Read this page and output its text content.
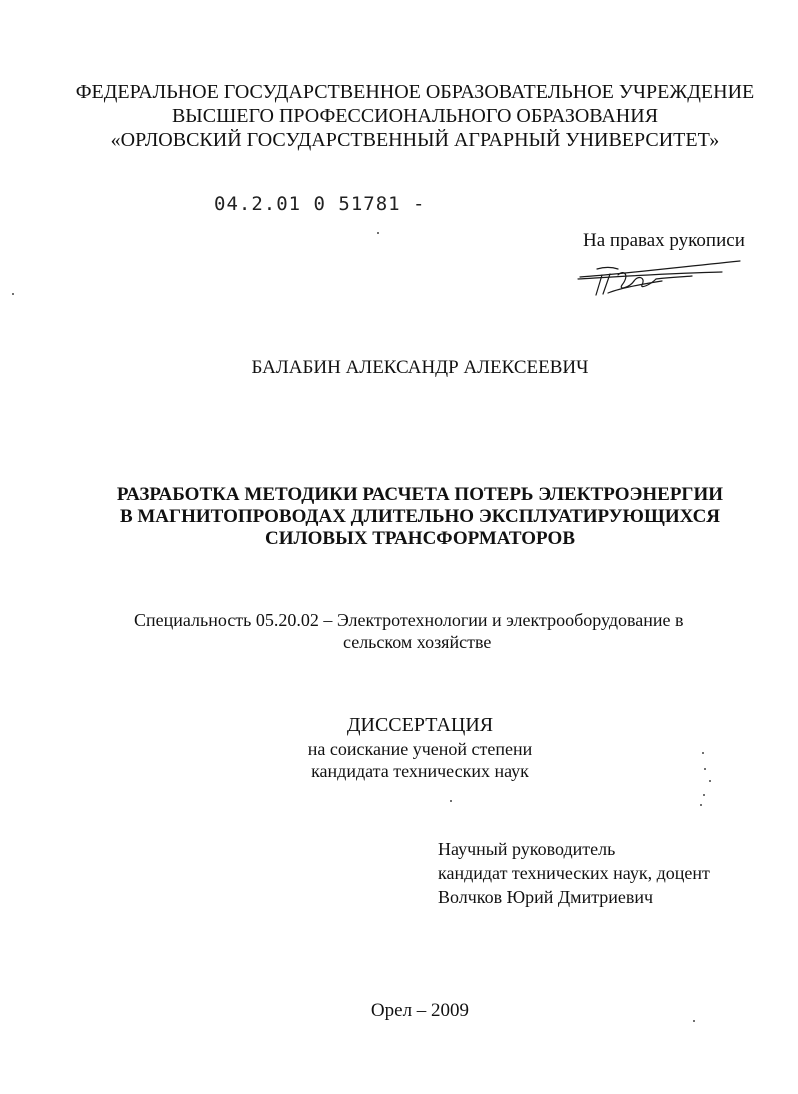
ФЕДЕРАЛЬНОЕ ГОСУДАРСТВЕННОЕ ОБРАЗОВАТЕЛЬНОЕ УЧРЕЖДЕНИЕ
ВЫСШЕГО ПРОФЕССИОНАЛЬНОГО ОБРАЗОВАНИЯ
«ОРЛОВСКИЙ ГОСУДАРСТВЕННЫЙ АГРАРНЫЙ УНИВЕРСИТЕТ»
04.2.01 0 51781 -
На правах рукописи
БАЛАБИН АЛЕКСАНДР АЛЕКСЕЕВИЧ
РАЗРАБОТКА МЕТОДИКИ РАСЧЕТА ПОТЕРЬ ЭЛЕКТРОЭНЕРГИИ
В МАГНИТОПРОВОДАХ ДЛИТЕЛЬНО ЭКСПЛУАТИРУЮЩИХСЯ
СИЛОВЫХ ТРАНСФОРМАТОРОВ
Специальность 05.20.02 – Электротехнологии и электрооборудование в
сельском хозяйстве
ДИССЕРТАЦИЯ
на соискание ученой степени
кандидата технических наук
Научный руководитель
кандидат технических наук, доцент
Волчков Юрий Дмитриевич
Орел – 2009
